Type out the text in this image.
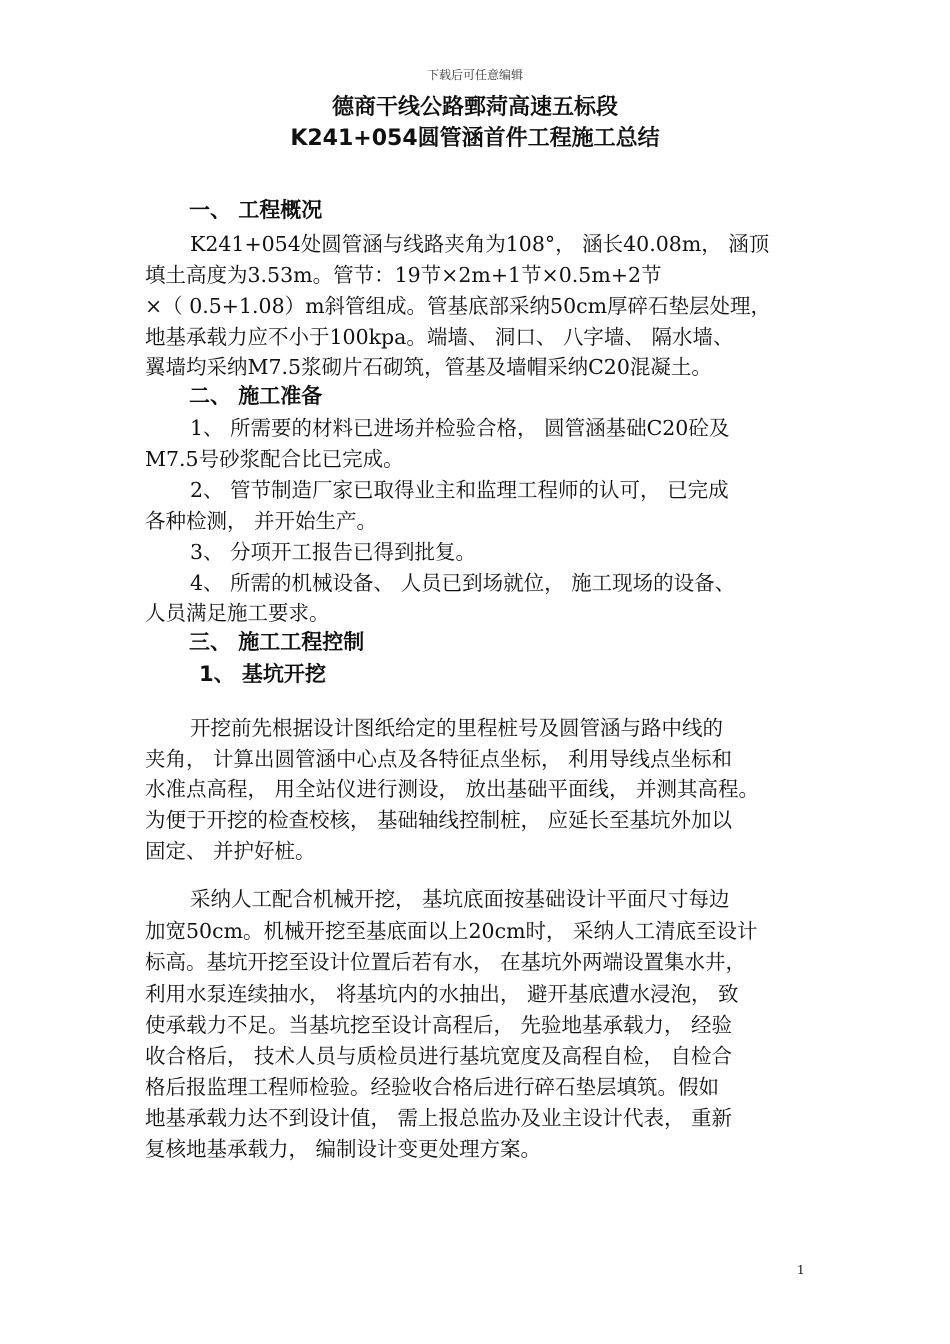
下载后可任意编辑
德商干线公路鄄菏高速五标段
K241+054圆管涵首件工程施工总结
一、 工程概况
K241+054处圆管涵与线路夹角为108°， 涵长40.08m， 涵顶
填土高度为3.53m。管节：19节×2m+1节×0.5m+2节
×（ 0.5+1.08）m斜管组成。管基底部采纳50cm厚碎石垫层处理，
地基承载力应不小于100kpa。端墙、 洞口、 八字墙、 隔水墙、
翼墙均采纳M7.5浆砌片石砌筑，管基及墙帽采纳C20混凝土。
二、 施工准备
1、 所需要的材料已进场并检验合格， 圆管涵基础C20砼及
M7.5号砂浆配合比已完成。
2、 管节制造厂家已取得业主和监理工程师的认可， 已完成
各种检测， 并开始生产。
3、 分项开工报告已得到批复。
4、 所需的机械设备、 人员已到场就位， 施工现场的设备、
人员满足施工要求。
三、 施工工程控制
1、 基坑开挖
开挖前先根据设计图纸给定的里程桩号及圆管涵与路中线的
夹角， 计算出圆管涵中心点及各特征点坐标， 利用导线点坐标和
水准点高程， 用全站仪进行测设， 放出基础平面线， 并测其高程。
为便于开挖的检查校核， 基础轴线控制桩， 应延长至基坑外加以
固定、 并护好桩。
采纳人工配合机械开挖， 基坑底面按基础设计平面尺寸每边
加宽50cm。机械开挖至基底面以上20cm时， 采纳人工清底至设计
标高。基坑开挖至设计位置后若有水， 在基坑外两端设置集水井，
利用水泵连续抽水， 将基坑内的水抽出， 避开基底遭水浸泡， 致
使承载力不足。当基坑挖至设计高程后， 先验地基承载力， 经验
收合格后， 技术人员与质检员进行基坑宽度及高程自检， 自检合
格后报监理工程师检验。经验收合格后进行碎石垫层填筑。假如
地基承载力达不到设计值， 需上报总监办及业主设计代表， 重新
复核地基承载力， 编制设计变更处理方案。
1
